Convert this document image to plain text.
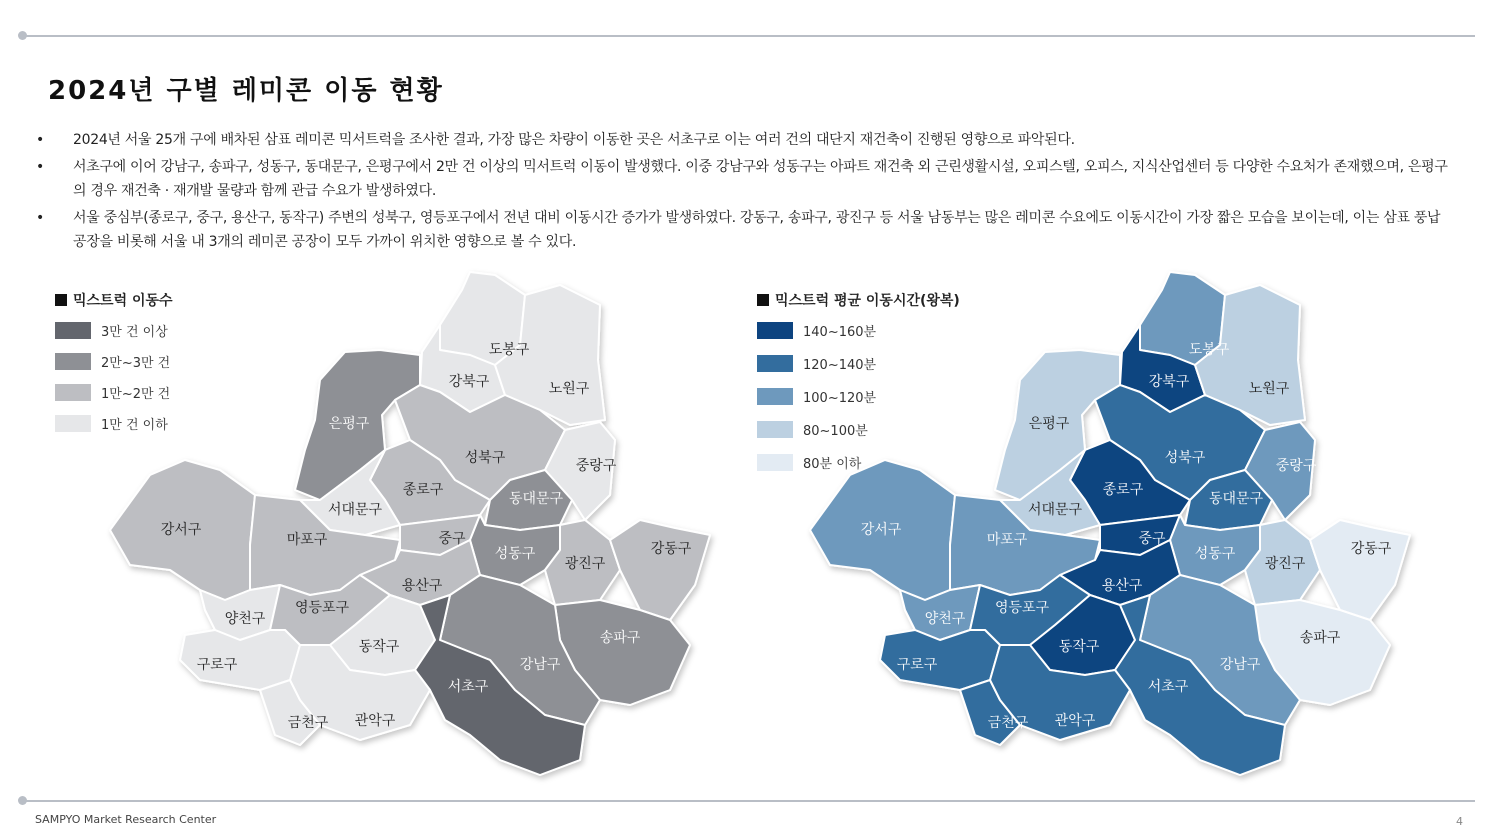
2024년 구별 레미콘 이동 현황
• 2024년 서울 25개 구에 배차된 삼표 레미콘 믹서트럭을 조사한 결과, 가장 많은 차량이 이동한 곳은 서초구로 이는 여러 건의 대단지 재건축이 진행된 영향으로 파악된다.
• 서초구에 이어 강남구, 송파구, 성동구, 동대문구, 은평구에서 2만 건 이상의 믹서트럭 이동이 발생했다. 이중 강남구와 성동구는 아파트 재건축 외 근린생활시설, 오피스텔, 오피스, 지식산업센터 등 다양한 수요처가 존재했으며, 은평구의 경우 재건축 · 재개발 물량과 함께 관급 수요가 발생하였다.
• 서울 중심부(종로구, 중구, 용산구, 동작구) 주변의 성북구, 영등포구에서 전년 대비 이동시간 증가가 발생하였다. 강동구, 송파구, 광진구 등 서울 남동부는 많은 레미콘 수요에도 이동시간이 가장 짧은 모습을 보이는데, 이는 삼표 풍납 공장을 비롯해 서울 내 3개의 레미콘 공장이 모두 가까이 위치한 영향으로 볼 수 있다.
도봉구
강북구	노원구
은평구
성북구	중랑구
종로구
서대문구
동대문구
강서구
마포구	중구
성동구
광진구
강동구
용산구
양천구
영등포구
구로구
동작구
송파구
강남구
서초구
금천구 관악구
도봉구
강북구	노원구
은평구
성북구	중랑구
종로구
서대문구
동대문구
강서구
마포구	중구
성동구
광진구
강동구
용산구
양천구
영등포구
구로구
동작구
송파구
강남구
서초구
금천구 관악구
믹스트럭 이동수
3만 건 이상
2만~3만 건
1만~2만 건
1만 건 이하
믹스트럭 평균 이동시간(왕복)
140~160분
120~140분
100~120분
80~100분
80분 이하
SAMPYO Market Research Center	4
